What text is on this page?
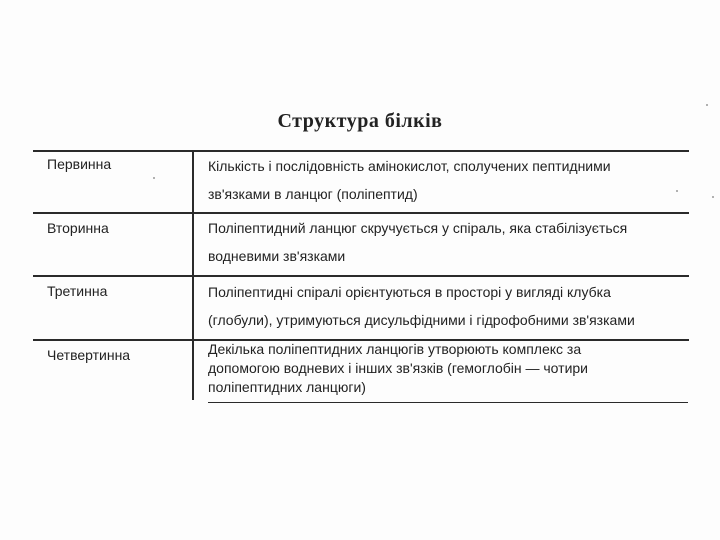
Структура білків
Первинна	Кількість і послідовність амінокислот, сполучених пептидними
зв'язками в ланцюг (поліпептид)
Вторинна	Поліпептидний ланцюг скручується у спіраль, яка стабілізується
водневими зв'язками
Третинна	Поліпептидні спіралі орієнтуються в просторі у вигляді клубка
(глобули), утримуються дисульфідними і гідрофобними зв'язками
Четвертинна	Декілька поліпептидних ланцюгів утворюють комплекс за
допомогою водневих і інших зв'язків (гемоглобін — чотири
поліпептидних ланцюги)
